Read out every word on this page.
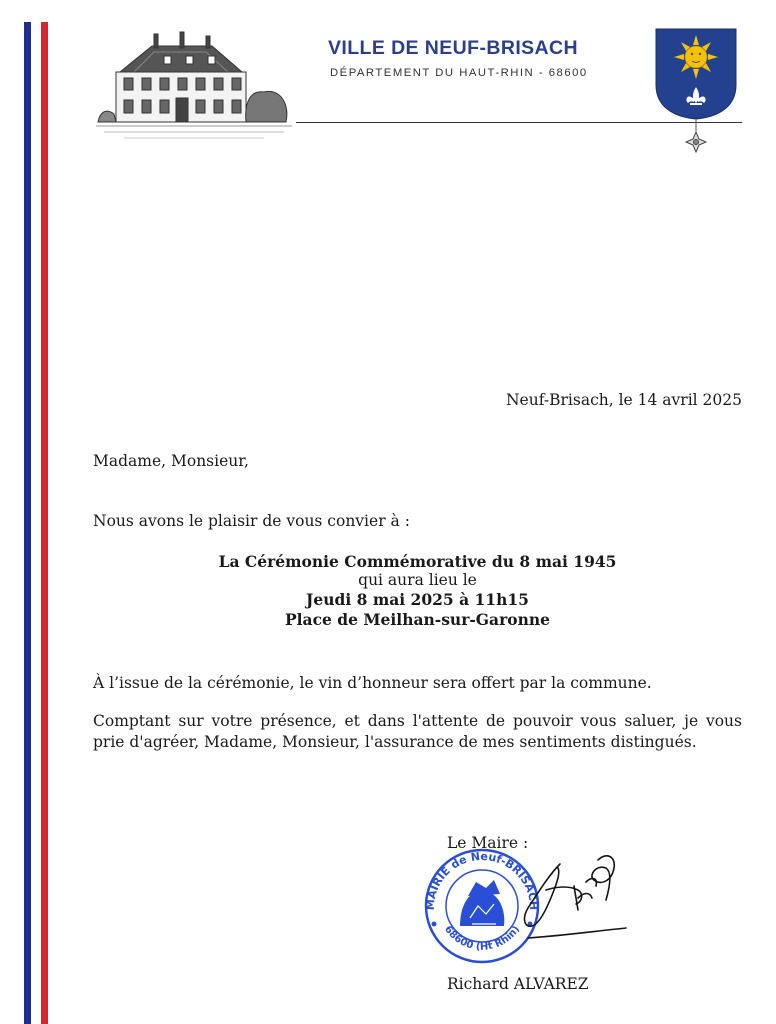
VILLE DE NEUF-BRISACH
DÉPARTEMENT DU HAUT-RHIN - 68600
Neuf-Brisach, le 14 avril 2025
Madame, Monsieur,
Nous avons le plaisir de vous convier à :
La Cérémonie Commémorative du 8 mai 1945
qui aura lieu le
Jeudi 8 mai 2025 à 11h15
Place de Meilhan-sur-Garonne
À l’issue de la cérémonie, le vin d’honneur sera offert par la commune.
Comptant sur votre présence, et dans l'attente de pouvoir vous saluer, je vous prie d'agréer, Madame, Monsieur, l'assurance de mes sentiments distingués.
Le Maire :
MAIRIE de Neuf-BRISACH
68600 (Ht Rhin)
Richard ALVAREZ
